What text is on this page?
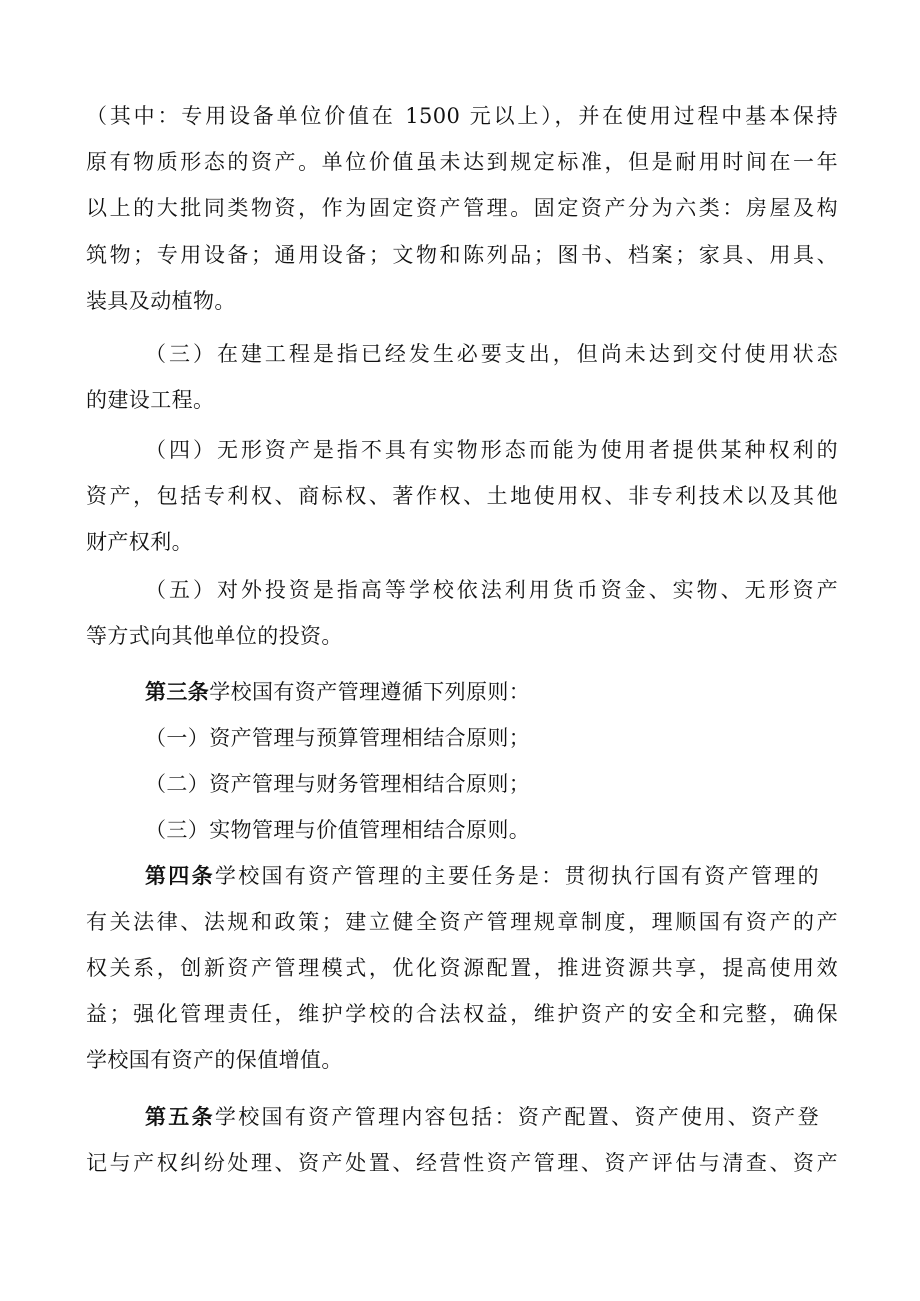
（其中：专用设备单位价值在 1500 元以上），并在使用过程中基本保持
原有物质形态的资产。单位价值虽未达到规定标准，但是耐用时间在一年
以上的大批同类物资，作为固定资产管理。固定资产分为六类：房屋及构
筑物；专用设备；通用设备；文物和陈列品；图书、档案；家具、用具、
装具及动植物。
（三）在建工程是指已经发生必要支出，但尚未达到交付使用状态
的建设工程。
（四）无形资产是指不具有实物形态而能为使用者提供某种权利的
资产，包括专利权、商标权、著作权、土地使用权、非专利技术以及其他
财产权利。
（五）对外投资是指高等学校依法利用货币资金、实物、无形资产
等方式向其他单位的投资。
第三条学校国有资产管理遵循下列原则：
（一）资产管理与预算管理相结合原则；
（二）资产管理与财务管理相结合原则；
（三）实物管理与价值管理相结合原则。
第四条学校国有资产管理的主要任务是：贯彻执行国有资产管理的
有关法律、法规和政策；建立健全资产管理规章制度，理顺国有资产的产
权关系，创新资产管理模式，优化资源配置，推进资源共享，提高使用效
益；强化管理责任，维护学校的合法权益，维护资产的安全和完整，确保
学校国有资产的保值增值。
第五条学校国有资产管理内容包括：资产配置、资产使用、资产登
记与产权纠纷处理、资产处置、经营性资产管理、资产评估与清查、资产
